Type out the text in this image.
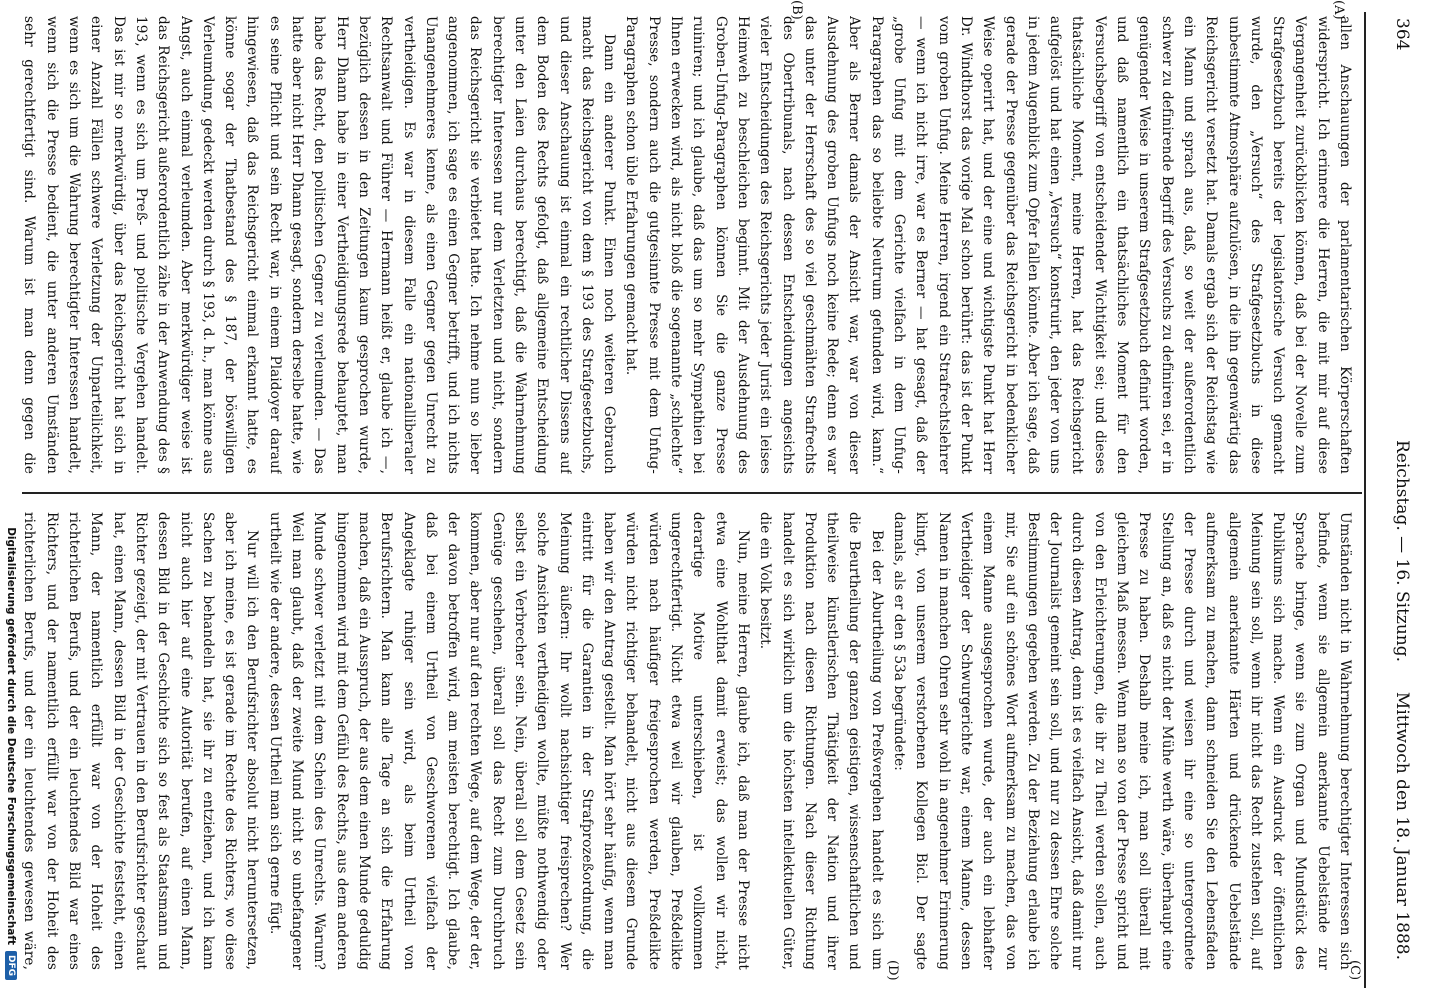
364
Reichstag. — 16. Sitzung.
Mittwoch den 18. Januar 1888.
(A)
(B)
(C)
(D)

allen Anschauungen der parlamentarischen Körperschaften widerspricht. Ich erinnere die Herren, die mit mir auf diese Vergangenheit zurückblicken können, daß bei der Novelle zum Strafgesetzbuch bereits der legislatorische Versuch gemacht wurde, den „Versuch“ des Strafgesetzbuchs in diese unbestimmte Atmosphäre aufzulösen, in die ihn gegenwärtig das Reichsgericht versetzt hat. Damals ergab sich der Reichstag wie ein Mann und sprach aus, daß, so weit der außerordentlich schwer zu definirende Begriff des Versuchs zu definiren sei, er in genügender Weise in unserem Strafgesetzbuch definirt worden, und daß namentlich ein thatsächliches Moment für den Versuchsbegriff von entscheidender Wichtigkeit sei; und dieses thatsächliche Moment, meine Herren, hat das Reichsgericht aufgelöst und hat einen „Versuch“ konstruirt, den jeder von uns in jedem Augenblick zum Opfer fallen könnte. Aber ich sage, daß gerade der Presse gegenüber das Reichsgericht in bedenklicher Weise operirt hat, und der eine und wichtigste Punkt hat Herr Dr. Windthorst das vorige Mal schon berührt: das ist der Punkt vom groben Unfug. Meine Herren, irgend ein Strafrechtslehrer — wenn ich nicht irre, war es Berner — hat gesagt, daß der „grobe Unfug mit dem Gerichte vielfach in dem Unfug-Paragraphen das so beliebte Neutrum gefunden wird, kann.“ Aber als Berner damals der Ansicht war, war von dieser Ausdehnung des groben Unfugs noch keine Rede; denn es war das unter der Herrschaft des so viel geschmähten Strafrechts des Obertribunals, nach dessen Entscheidungen angesichts vieler Entscheidungen des Reichsgerichts jeder Jurist ein leises Heimweh zu beschleichen beginnt. Mit der Ausdehnung des Groben-Unfug-Paragraphen können Sie die ganze Presse ruiniren; und ich glaube, daß das um so mehr Sympathien bei Ihnen erwecken wird, als nicht bloß die sogenannte „schlechte“ Presse, sondern auch die gutgesinnte Presse mit dem Unfug-Paragraphen schon üble Erfahrungen gemacht hat.

Dann ein anderer Punkt. Einen noch weiteren Gebrauch macht das Reichsgericht von dem § 193 des Strafgesetzbuchs, und dieser Anschauung ist einmal ein rechtlicher Dissens auf dem Boden des Rechts gefolgt, daß allgemeine Entscheidung unter den Laien durchaus berechtigt, daß die Wahrnehmung berechtigter Interessen nur dem Verletzten und nicht, sondern das Reichsgericht sie verbietet hatte. Ich nehme nun so lieber angenommen, ich sage es einen Gegner betrifft, und ich nichts Unangenehmeres kenne, als einen Gegner gegen Unrecht zu vertheidigen. Es war in diesem Falle ein nationalliberaler Rechtsanwalt und Führer — Hermann heißt er, glaube ich —, bezüglich dessen in den Zeitungen kaum gesprochen wurde, Herr Dhann habe in einer Vertheidigungsrede behauptet, man habe das Recht, den politischen Gegner zu verleumden. — Das hatte aber nicht Herr Dhann gesagt, sondern derselbe hatte, wie es seine Pflicht und sein Recht war, in einem Plaidoyer darauf hingewiesen, daß das Reichsgericht einmal erkannt hatte, es könne sogar der Thatbestand des § 187, der böswilligen Verleumdung, gedeckt werden durch § 193, d. h., man könne aus Angst, auch einmal verleumden. Aber merkwürdiger weise ist das Reichsgericht außerordentlich zähe in der Anwendung des § 193, wenn es sich um Preß- und politische Vergehen handelt. Das ist mir so merkwürdig, über das Reichsgericht hat sich in einer Anzahl Fällen schwere Verletzung der Unparteilichkeit, wenn es sich um die Wahrung berechtigter Interessen handelt, wenn sich die Presse bedient, die unter anderen Umständen sehr gerechtfertigt sind. Warum ist man denn gegen die

Umständen nicht in Wahrnehmung berechtigter Interessen sich befinde, wenn sie allgemein anerkannte Uebelstände zur Sprache bringe, wenn sie zum Organ und Mundstück des Publikums sich mache. Wenn ein Ausdruck der öffentlichen Meinung sein soll, wenn ihr nicht das Recht zustehen soll, auf allgemein anerkannte Härten und drückende Uebelstände aufmerksam zu machen, dann schneiden Sie den Lebensfaden der Presse durch und weisen ihr eine so untergeordnete Stellung an, daß es nicht der Mühe werth wäre, überhaupt eine Presse zu haben. Deshalb meine ich, man soll überall mit gleichem Maß messen. Wenn man so von der Presse spricht und von den Erleichterungen, die ihr zu Theil werden sollen, auch durch diesen Antrag, denn ist es vielfach Ansicht, daß damit nur der Journalist gemeint sein soll, und nur zu dessen Ehre solche Bestimmungen gegeben werden. Zu der Beziehung erlaube ich mir, Sie auf ein schönes Wort aufmerksam zu machen, das von einem Manne ausgesprochen wurde, der auch ein lebhafter Vertheidiger der Schwurgerichte war, einem Manne, dessen Namen in manchen Ohren sehr wohl in angenehmer Erinnerung klingt, von unserem verstorbenen Kollegen Bicl. Der sagte damals, als er den § 53a begründete:

Bei der Aburtheilung von Preßvergehen handelt es sich um die Beurtheilung der ganzen geistigen, wissenschaftlichen und theilweise künstlerischen Thätigkeit der Nation und ihrer Produktion nach diesen Richtungen. Nach dieser Richtung handelt es sich wirklich um die höchsten intellektuellen Güter, die ein Volk besitzt.

Nun, meine Herren, glaube ich, daß man der Presse nicht etwa eine Wohlthat damit erweist; das wollen wir nicht, derartige Motive unterschieben, ist vollkommen ungerechtfertigt. Nicht etwa weil wir glauben, Preßdelikte würden nach häufiger freigesprochen werden, Preßdelikte würden nicht richtiger behandelt, nicht aus diesem Grunde haben wir den Antrag gestellt. Man hört sehr häufig, wenn man eintritt für die Garantien in der Strafprozeßordnung, die Meinung äußern: Ihr wollt nachsichtiger freisprechen? Wer solche Ansichten vertheidigen wollte, müßte nothwendig oder selbst ein Verbrecher sein. Nein, überall soll dem Gesetz sein Genüge geschehen, überall soll das Recht zum Durchbruch kommen, aber nur auf den rechten Wege, auf dem Wege, der der, der davon betroffen wird, am meisten berechtigt. Ich glaube, daß bei einem Urtheil von Geschworenen vielfach der Angeklagte ruhiger sein wird, als beim Urtheil von Berufsrichtern. Man kann alle Tage an sich die Erfahrung machen, daß ein Ausspruch, der aus dem einen Munde geduldig hingenommen wird mit dem Gefühl des Rechts, aus dem anderen Munde schwer verletzt mit dem Schein des Unrechts. Warum? Weil man glaubt, daß der zweite Mund nicht so unbefangener urtheilt wie der andere, dessen Urtheil man sich gerne fügt.

Nur will ich den Berufsrichter absolut nicht heruntersetzen, aber ich meine, es ist gerade im Rechte des Richters, wo diese Sachen zu behandeln hat, sie ihr zu entziehen, und ich kann nicht auch hier auf eine Autorität berufen, auf einen Mann, dessen Bild in der Geschichte sich so fest als Staatsmann und Richter gezeigt, der mit Vertrauen in den Berufsrichter geschaut hat, einen Mann, dessen Bild in der Geschichte feststeht, einen Mann, der namentlich erfüllt war von der Hoheit des richterlichen Berufs, und der ein leuchtendes Bild war eines Richters, und der namentlich erfüllt war von der Hoheit des richterlichen Berufs, und der ein leuchtendes gewesen wäre,

Digitalisierung gefördert durch die Deutsche Forschungsgemeinschaft
DFG
